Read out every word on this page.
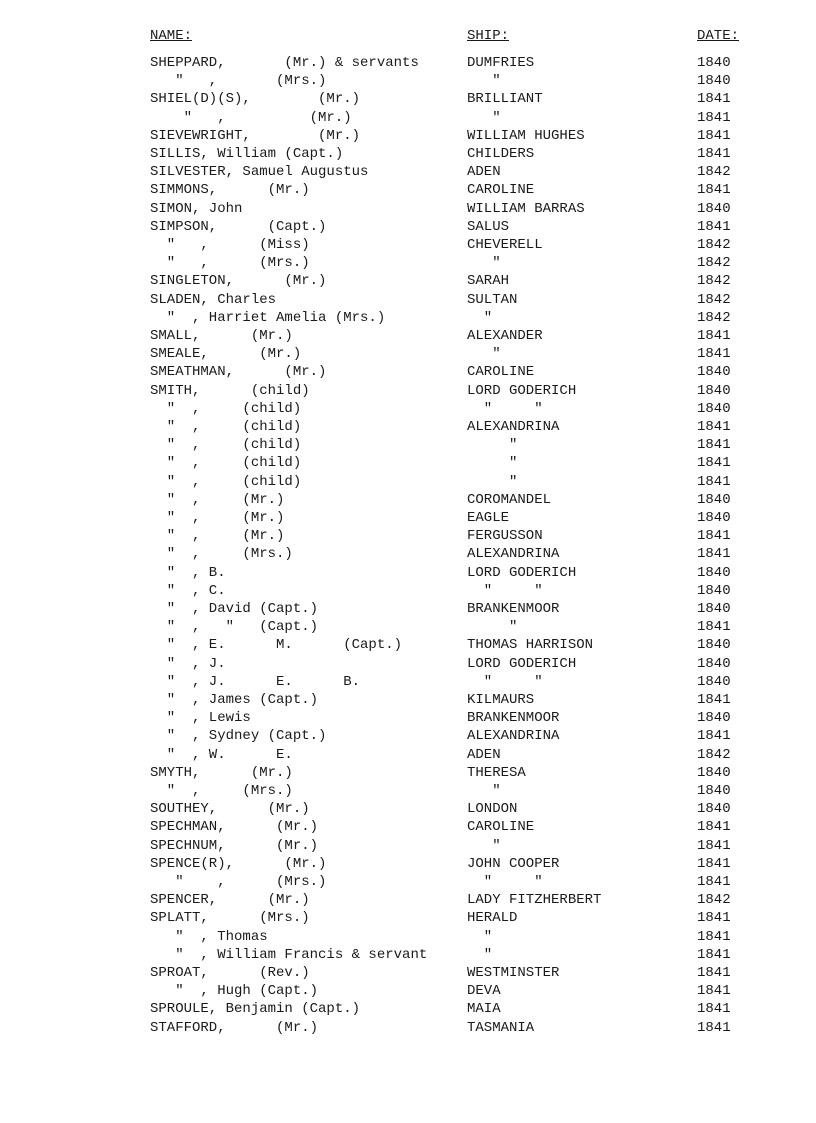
NAME:	SHIP:	DATE:
SHEPPARD,       (Mr.) & servants	DUMFRIES	1840
"   ,       (Mrs.)	"	1840
SHIEL(D)(S),        (Mr.)	BRILLIANT	1841
"   ,          (Mr.)	"	1841
SIEVEWRIGHT,        (Mr.)	WILLIAM HUGHES	1841
SILLIS, William (Capt.)	CHILDERS	1841
SILVESTER, Samuel Augustus	ADEN	1842
SIMMONS,      (Mr.)	CAROLINE	1841
SIMON, John	WILLIAM BARRAS	1840
SIMPSON,      (Capt.)	SALUS	1841
"   ,      (Miss)	CHEVERELL	1842
"   ,      (Mrs.)	"	1842
SINGLETON,      (Mr.)	SARAH	1842
SLADEN, Charles	SULTAN	1842
"  , Harriet Amelia (Mrs.)	"	1842
SMALL,      (Mr.)	ALEXANDER	1841
SMEALE,      (Mr.)	"	1841
SMEATHMAN,      (Mr.)	CAROLINE	1840
SMITH,      (child)	LORD GODERICH	1840
"  ,     (child)	"     "	1840
"  ,     (child)	ALEXANDRINA	1841
"  ,     (child)	"	1841
"  ,     (child)	"	1841
"  ,     (child)	"	1841
"  ,     (Mr.)	COROMANDEL	1840
"  ,     (Mr.)	EAGLE	1840
"  ,     (Mr.)	FERGUSSON	1841
"  ,     (Mrs.)	ALEXANDRINA	1841
"  , B.	LORD GODERICH	1840
"  , C.	"     "	1840
"  , David (Capt.)	BRANKENMOOR	1840
"  ,   "   (Capt.)	"	1841
"  , E.      M.      (Capt.)	THOMAS HARRISON	1840
"  , J.	LORD GODERICH	1840
"  , J.      E.      B.	"     "	1840
"  , James (Capt.)	KILMAURS	1841
"  , Lewis	BRANKENMOOR	1840
"  , Sydney (Capt.)	ALEXANDRINA	1841
"  , W.      E.	ADEN	1842
SMYTH,      (Mr.)	THERESA	1840
"  ,     (Mrs.)	"	1840
SOUTHEY,      (Mr.)	LONDON	1840
SPECHMAN,      (Mr.)	CAROLINE	1841
SPECHNUM,      (Mr.)	"	1841
SPENCE(R),      (Mr.)	JOHN COOPER	1841
"    ,      (Mrs.)	"     "	1841
SPENCER,      (Mr.)	LADY FITZHERBERT	1842
SPLATT,      (Mrs.)	HERALD	1841
"  , Thomas	"	1841
"  , William Francis & servant	"	1841
SPROAT,      (Rev.)	WESTMINSTER	1841
"  , Hugh (Capt.)	DEVA	1841
SPROULE, Benjamin (Capt.)	MAIA	1841
STAFFORD,      (Mr.)	TASMANIA	1841
